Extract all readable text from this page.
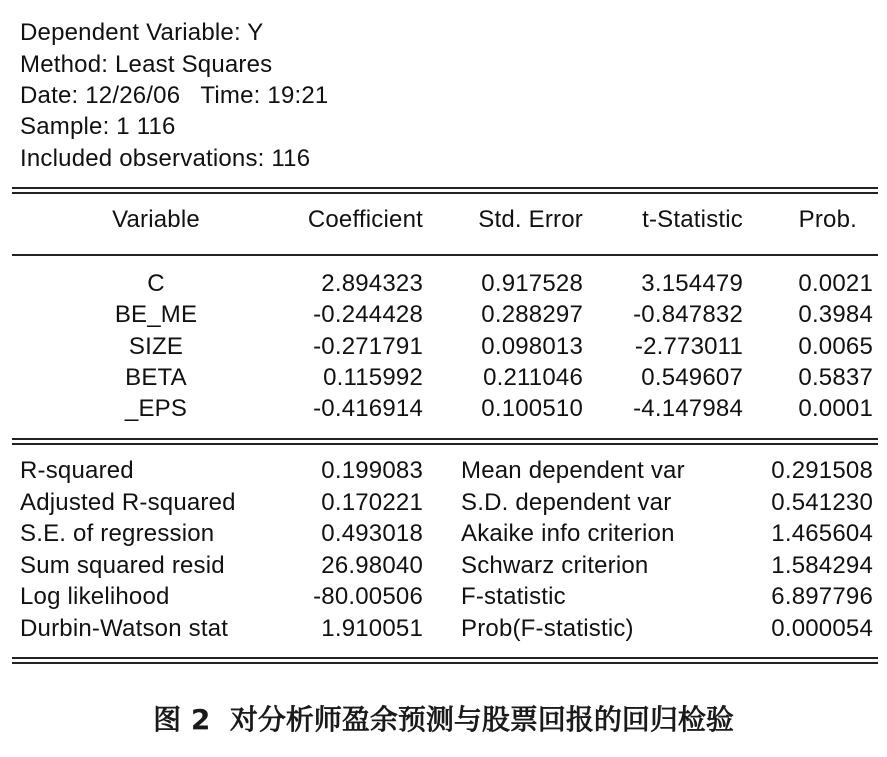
Dependent Variable: Y
Method: Least Squares
Date: 12/26/06   Time: 19:21
Sample: 1 116
Included observations: 116
Variable	Coefficient	Std. Error	t-Statistic	Prob.
C	2.894323	0.917528	3.154479	0.0021
BE_ME	-0.244428	0.288297	-0.847832	0.3984
SIZE	-0.271791	0.098013	-2.773011	0.0065
BETA	0.115992	0.211046	0.549607	0.5837
_EPS	-0.416914	0.100510	-4.147984	0.0001
R-squared	0.199083 Mean dependent var	0.291508
Adjusted R-squared	0.170221 S.D. dependent var	0.541230
S.E. of regression	0.493018 Akaike info criterion	1.465604
Sum squared resid	26.98040 Schwarz criterion	1.584294
Log likelihood	-80.00506 F-statistic	6.897796
Durbin-Watson stat	1.910051 Prob(F-statistic)	0.000054
图 2  对分析师盈余预测与股票回报的回归检验
